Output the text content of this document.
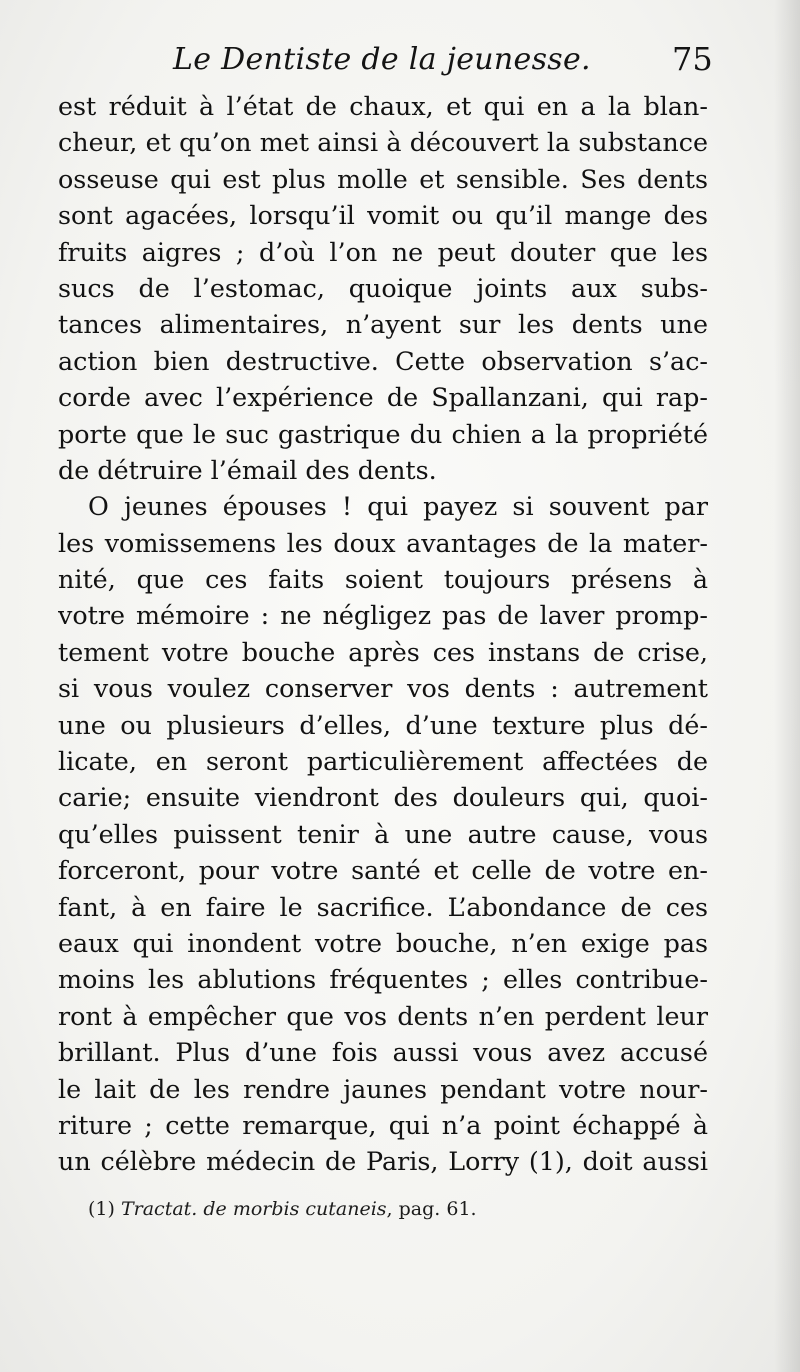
Le Dentiste de la jeunesse.	75
est réduit à l’état de chaux, et qui en a la blan-
cheur, et qu’on met ainsi à découvert la substance
osseuse qui est plus molle et sensible. Ses dents
sont agacées, lorsqu’il vomit ou qu’il mange des
fruits aigres ; d’où l’on ne peut douter que les
sucs de l’estomac, quoique joints aux subs-
tances alimentaires, n’ayent sur les dents une
action bien destructive. Cette observation s’ac-
corde avec l’expérience de Spallanzani, qui rap-
porte que le suc gastrique du chien a la propriété
de détruire l’émail des dents.
O jeunes épouses ! qui payez si souvent par
les vomissemens les doux avantages de la mater-
nité, que ces faits soient toujours présens à
votre mémoire : ne négligez pas de laver promp-
tement votre bouche après ces instans de crise,
si vous voulez conserver vos dents : autrement
une ou plusieurs d’elles, d’une texture plus dé-
licate, en seront particulièrement affectées de
carie; ensuite viendront des douleurs qui, quoi-
qu’elles puissent tenir à une autre cause, vous
forceront, pour votre santé et celle de votre en-
fant, à en faire le sacrifice. L’abondance de ces
eaux qui inondent votre bouche, n’en exige pas
moins les ablutions fréquentes ; elles contribue-
ront à empêcher que vos dents n’en perdent leur
brillant. Plus d’une fois aussi vous avez accusé
le lait de les rendre jaunes pendant votre nour-
riture ; cette remarque, qui n’a point échappé à
un célèbre médecin de Paris, Lorry (1), doit aussi
(1) Tractat. de morbis cutaneis, pag. 61.
